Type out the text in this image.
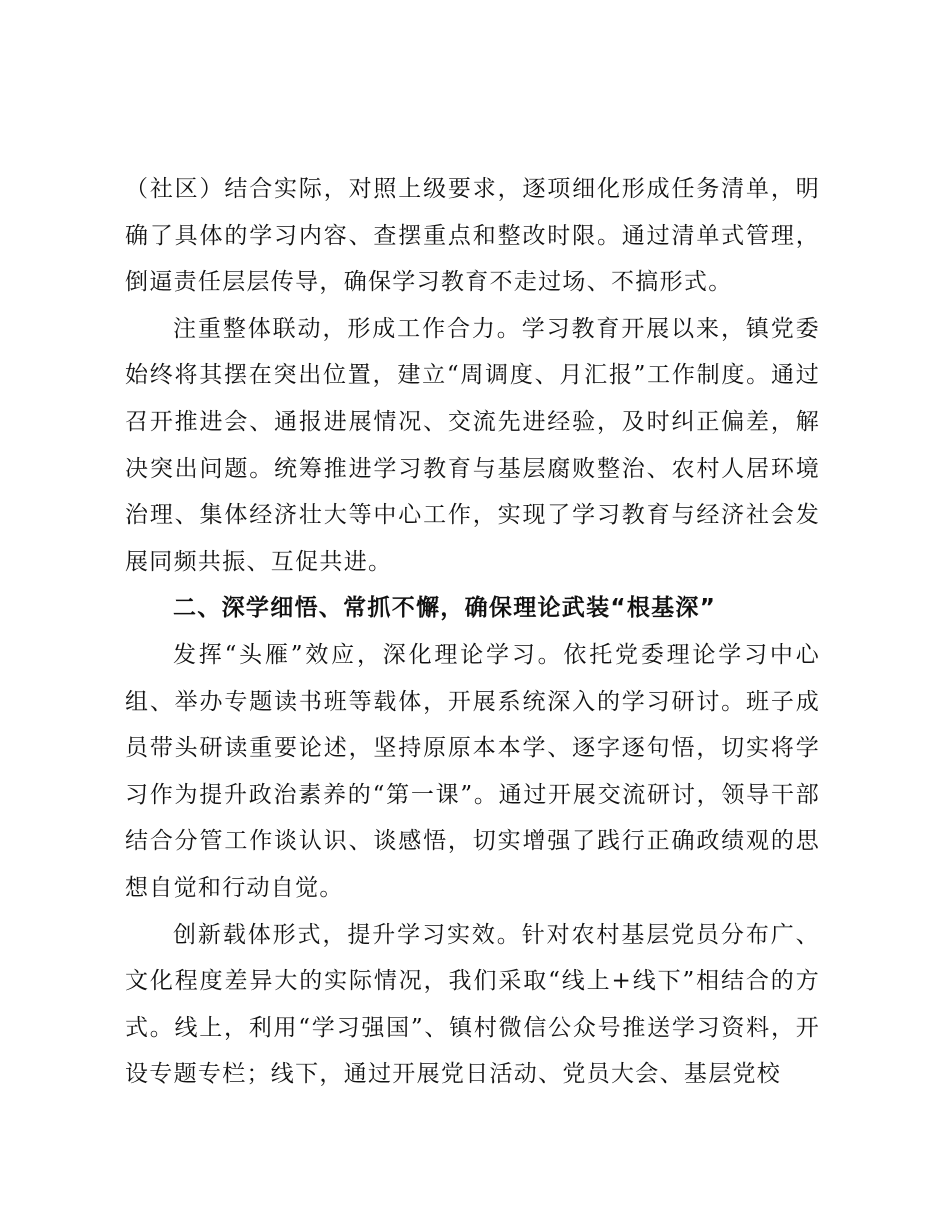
（社区）结合实际，对照上级要求，逐项细化形成任务清单，明确了具体的学习内容、查摆重点和整改时限。通过清单式管理，倒逼责任层层传导，确保学习教育不走过场、不搞形式。

注重整体联动，形成工作合力。学习教育开展以来，镇党委始终将其摆在突出位置，建立“周调度、月汇报”工作制度。通过召开推进会、通报进展情况、交流先进经验，及时纠正偏差，解决突出问题。统筹推进学习教育与基层腐败整治、农村人居环境治理、集体经济壮大等中心工作，实现了学习教育与经济社会发展同频共振、互促共进。

二、深学细悟、常抓不懈，确保理论武装“根基深”

发挥“头雁”效应，深化理论学习。依托党委理论学习中心组、举办专题读书班等载体，开展系统深入的学习研讨。班子成员带头研读重要论述，坚持原原本本学、逐字逐句悟，切实将学习作为提升政治素养的“第一课”。通过开展交流研讨，领导干部结合分管工作谈认识、谈感悟，切实增强了践行正确政绩观的思想自觉和行动自觉。

创新载体形式，提升学习实效。针对农村基层党员分布广、文化程度差异大的实际情况，我们采取“线上+线下”相结合的方式。线上，利用“学习强国”、镇村微信公众号推送学习资料，开设专题专栏；线下，通过开展党日活动、党员大会、基层党校
